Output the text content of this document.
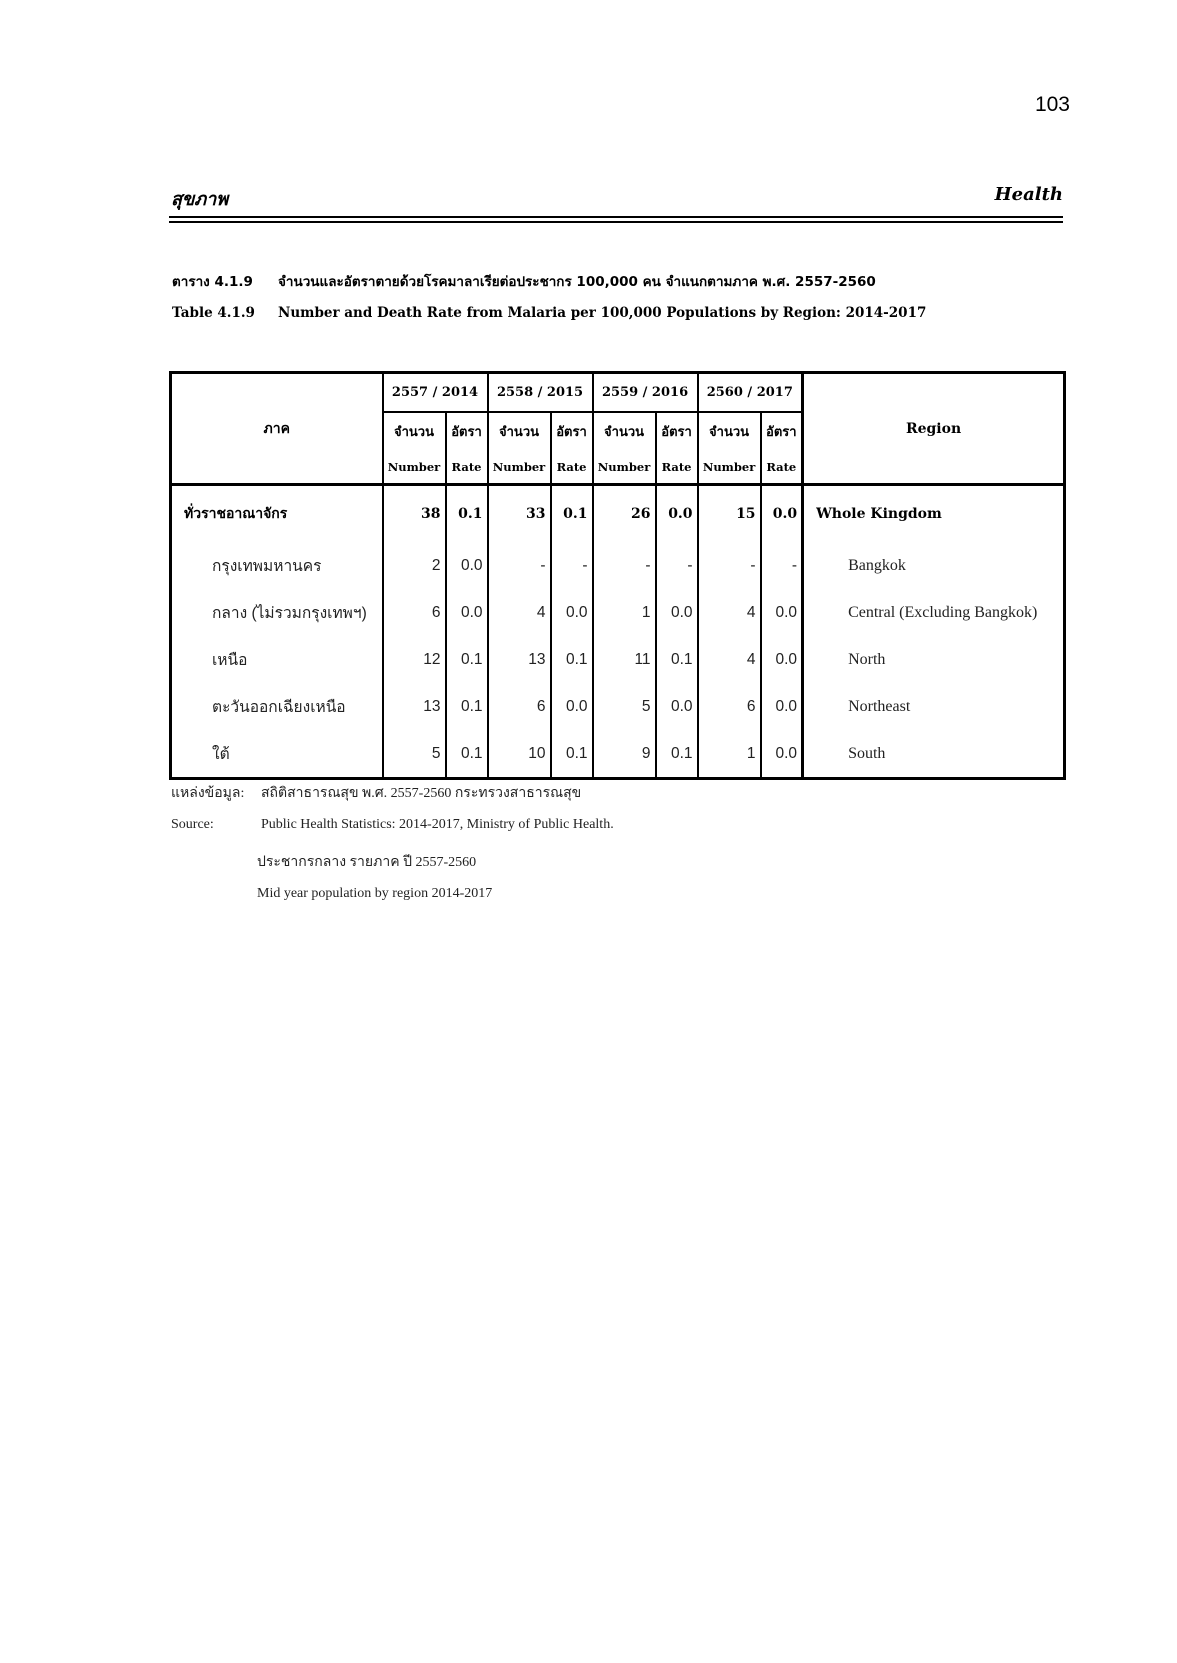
103
สุขภาพ	Health
ตาราง 4.1.9 จำนวนและอัตราตายด้วยโรคมาลาเรียต่อประชากร 100,000 คน จำแนกตามภาค พ.ศ. 2557-2560
Table 4.1.9 Number and Death Rate from Malaria per 100,000 Populations by Region: 2014-2017
ภาค	2557 / 2014		2558 / 2015		2559 / 2016		2560 / 2017		Region
	จำนวน	อัตรา	จำนวน	อัตรา	จำนวน	อัตรา	จำนวน	อัตรา	
	Number	Rate	Number	Rate	Number	Rate	Number	Rate	
ทั่วราชอาณาจักร	38	0.1	33	0.1	26	0.0	15	0.0	Whole Kingdom
กรุงเทพมหานคร	2	0.0	-	-	-	-	-	-	Bangkok
กลาง (ไม่รวมกรุงเทพฯ)	6	0.0	4	0.0	1	0.0	4	0.0	Central (Excluding Bangkok)
เหนือ	12	0.1	13	0.1	11	0.1	4	0.0	North
ตะวันออกเฉียงเหนือ	13	0.1	6	0.0	5	0.0	6	0.0	Northeast
ใต้	5	0.1	10	0.1	9	0.1	1	0.0	South
แหล่งข้อมูล: สถิติสาธารณสุข พ.ศ. 2557-2560 กระทรวงสาธารณสุข
Source:	Public Health Statistics: 2014-2017, Ministry of Public Health.
ประชากรกลาง รายภาค ปี 2557-2560
Mid year population by region 2014-2017
